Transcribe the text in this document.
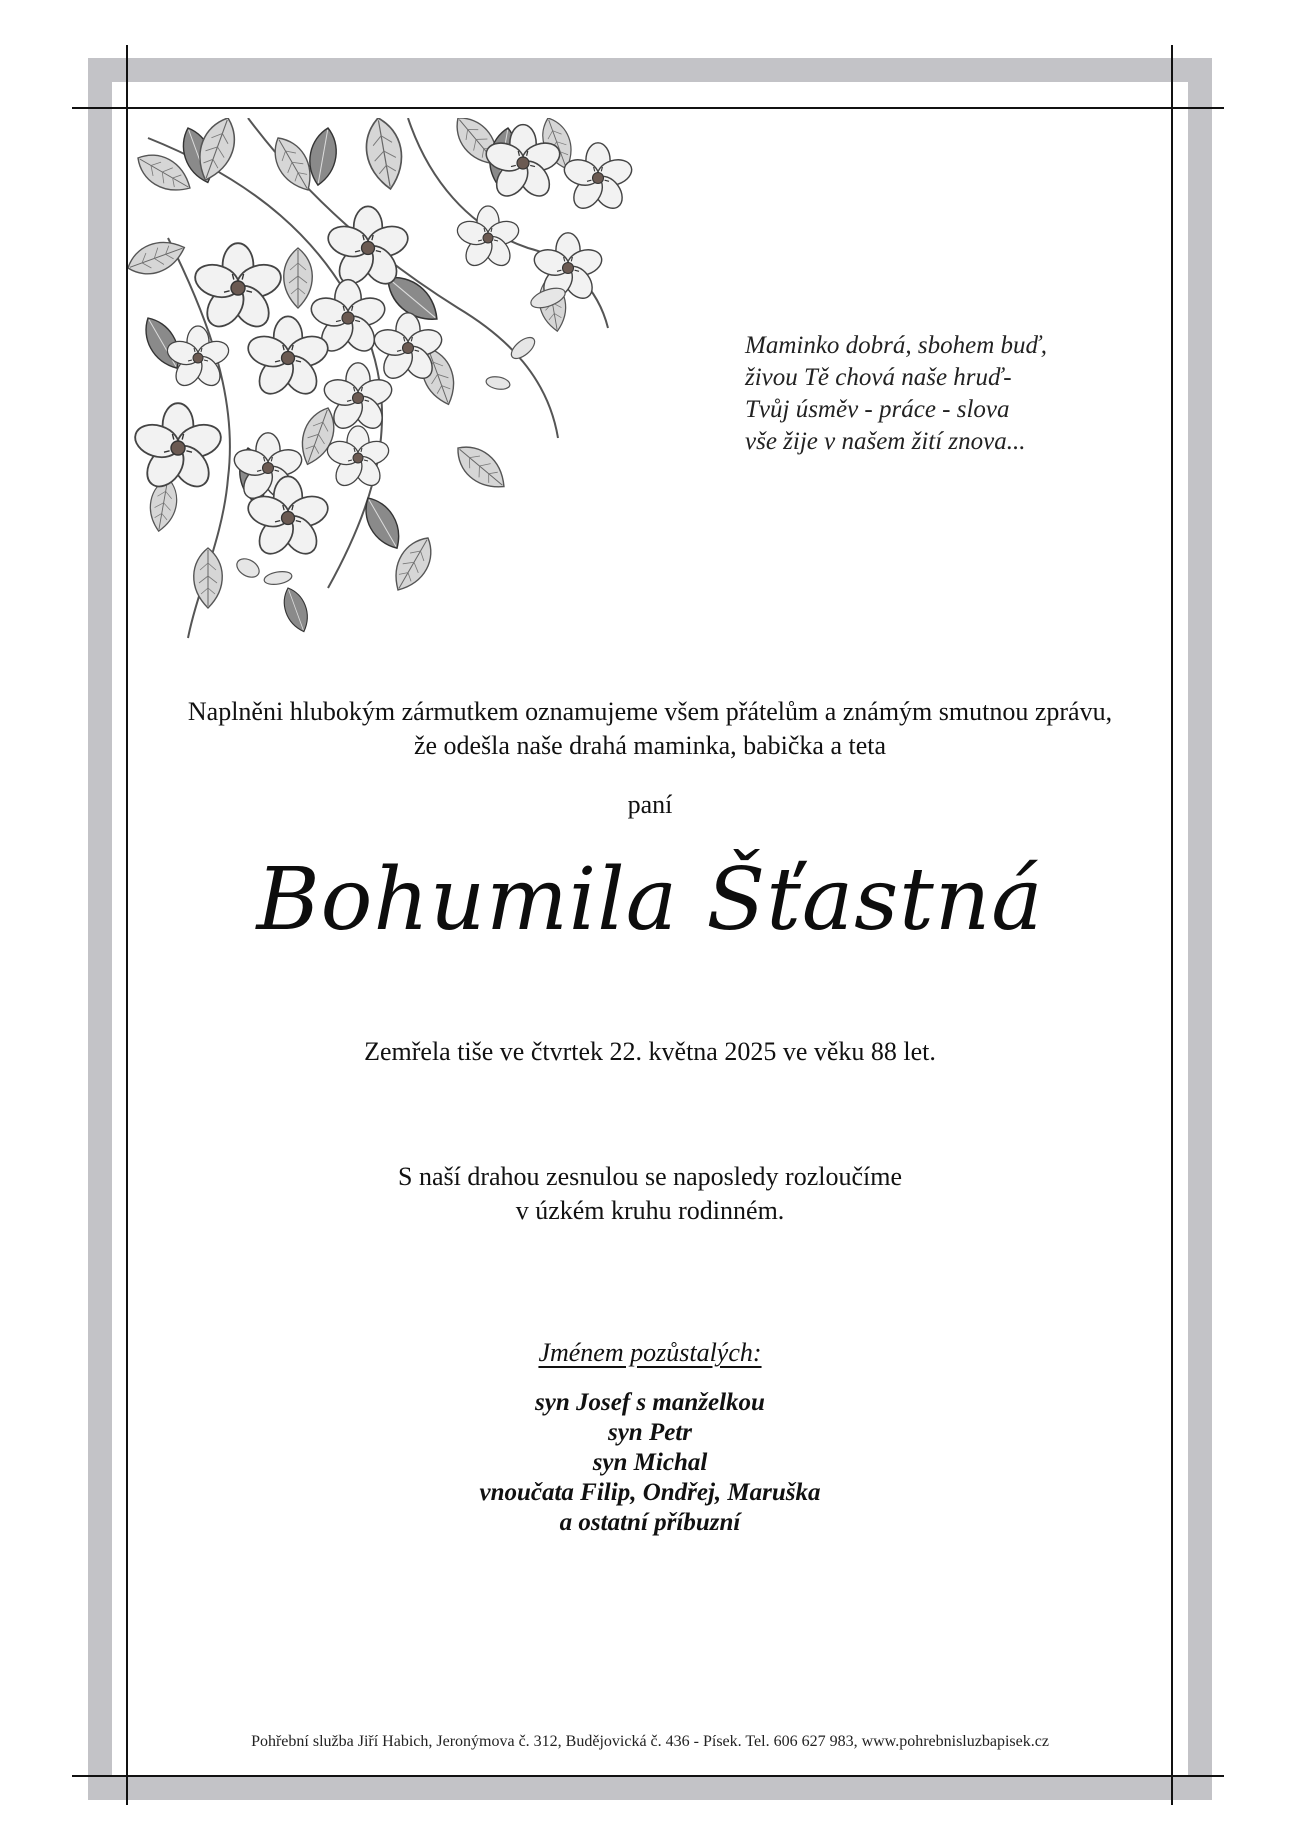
Maminko dobrá, sbohem buď,
živou Tě chová naše hruď-
Tvůj úsměv - práce - slova
vše žije v našem žití znova...
Naplněni hlubokým zármutkem oznamujeme všem přátelům a známým smutnou zprávu,
že odešla naše drahá maminka, babička a teta
paní
Bohumila Šťastná
Zemřela tiše ve čtvrtek 22. května 2025 ve věku 88 let.
S naší drahou zesnulou se naposledy rozloučíme
v úzkém kruhu rodinném.
Jménem pozůstalých:
syn Josef s manželkou
syn Petr
syn Michal
vnoučata Filip, Ondřej, Maruška
a ostatní příbuzní
Pohřební služba Jiří Habich, Jeronýmova č. 312, Budějovická č. 436 - Písek. Tel. 606 627 983, www.pohrebnisluzbapisek.cz
